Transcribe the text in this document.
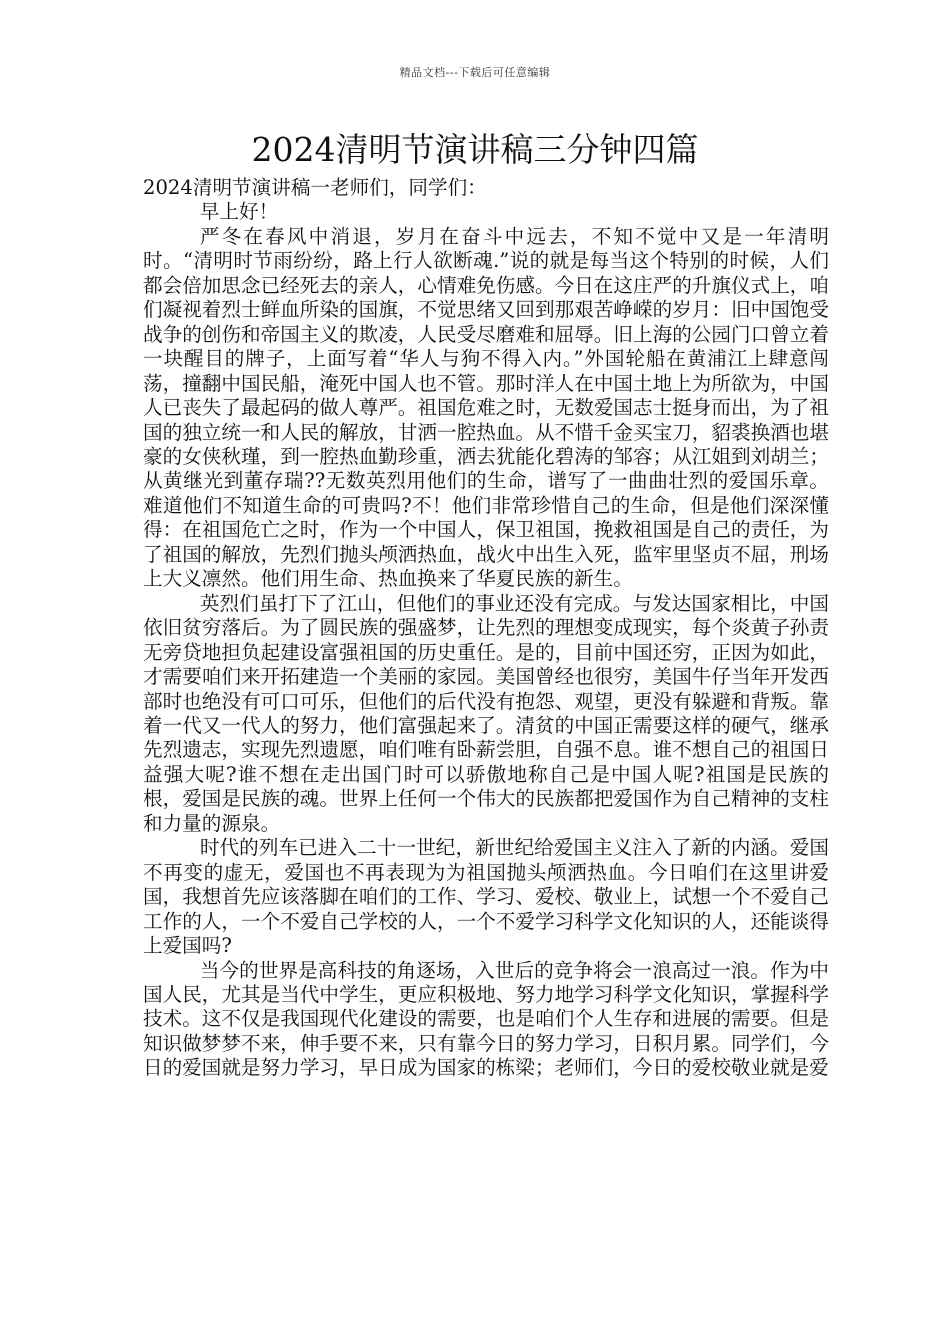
精品文档---下载后可任意编辑
2024清明节演讲稿三分钟四篇

2024清明节演讲稿一老师们，同学们：

早上好！

严冬在春风中消退，岁月在奋斗中远去，不知不觉中又是一年清明时。“清明时节雨纷纷，路上行人欲断魂.”说的就是每当这个特别的时候，人们都会倍加思念已经死去的亲人，心情难免伤感。今日在这庄严的升旗仪式上，咱们凝视着烈士鲜血所染的国旗，不觉思绪又回到那艰苦峥嵘的岁月：旧中国饱受战争的创伤和帝国主义的欺凌，人民受尽磨难和屈辱。旧上海的公园门口曾立着一块醒目的牌子，上面写着“华人与狗不得入内。”外国轮船在黄浦江上肆意闯荡，撞翻中国民船，淹死中国人也不管。那时洋人在中国土地上为所欲为，中国人已丧失了最起码的做人尊严。祖国危难之时，无数爱国志士挺身而出，为了祖国的独立统一和人民的解放，甘洒一腔热血。从不惜千金买宝刀，貂裘换酒也堪豪的女侠秋瑾，到一腔热血勤珍重，洒去犹能化碧涛的邹容；从江姐到刘胡兰；从黄继光到董存瑞??无数英烈用他们的生命，谱写了一曲曲壮烈的爱国乐章。难道他们不知道生命的可贵吗?不！他们非常珍惜自己的生命，但是他们深深懂得：在祖国危亡之时，作为一个中国人，保卫祖国，挽救祖国是自己的责任，为了祖国的解放，先烈们抛头颅洒热血，战火中出生入死，监牢里坚贞不屈，刑场上大义凛然。他们用生命、热血换来了华夏民族的新生。

英烈们虽打下了江山，但他们的事业还没有完成。与发达国家相比，中国依旧贫穷落后。为了圆民族的强盛梦，让先烈的理想变成现实，每个炎黄子孙责无旁贷地担负起建设富强祖国的历史重任。是的，目前中国还穷，正因为如此，才需要咱们来开拓建造一个美丽的家园。美国曾经也很穷，美国牛仔当年开发西部时也绝没有可口可乐，但他们的后代没有抱怨、观望，更没有躲避和背叛。靠着一代又一代人的努力，他们富强起来了。清贫的中国正需要这样的硬气，继承先烈遗志，实现先烈遗愿，咱们唯有卧薪尝胆，自强不息。谁不想自己的祖国日益强大呢?谁不想在走出国门时可以骄傲地称自己是中国人呢?祖国是民族的根，爱国是民族的魂。世界上任何一个伟大的民族都把爱国作为自己精神的支柱和力量的源泉。

时代的列车已进入二十一世纪，新世纪给爱国主义注入了新的内涵。爱国不再变的虚无，爱国也不再表现为为祖国抛头颅洒热血。今日咱们在这里讲爱国，我想首先应该落脚在咱们的工作、学习、爱校、敬业上，试想一个不爱自己工作的人，一个不爱自己学校的人，一个不爱学习科学文化知识的人，还能谈得上爱国吗?

当今的世界是高科技的角逐场，入世后的竞争将会一浪高过一浪。作为中国人民，尤其是当代中学生，更应积极地、努力地学习科学文化知识，掌握科学技术。这不仅是我国现代化建设的需要，也是咱们个人生存和进展的需要。但是知识做梦梦不来，伸手要不来，只有靠今日的努力学习，日积月累。同学们，今日的爱国就是努力学习，早日成为国家的栋梁；老师们，今日的爱校敬业就是爱
